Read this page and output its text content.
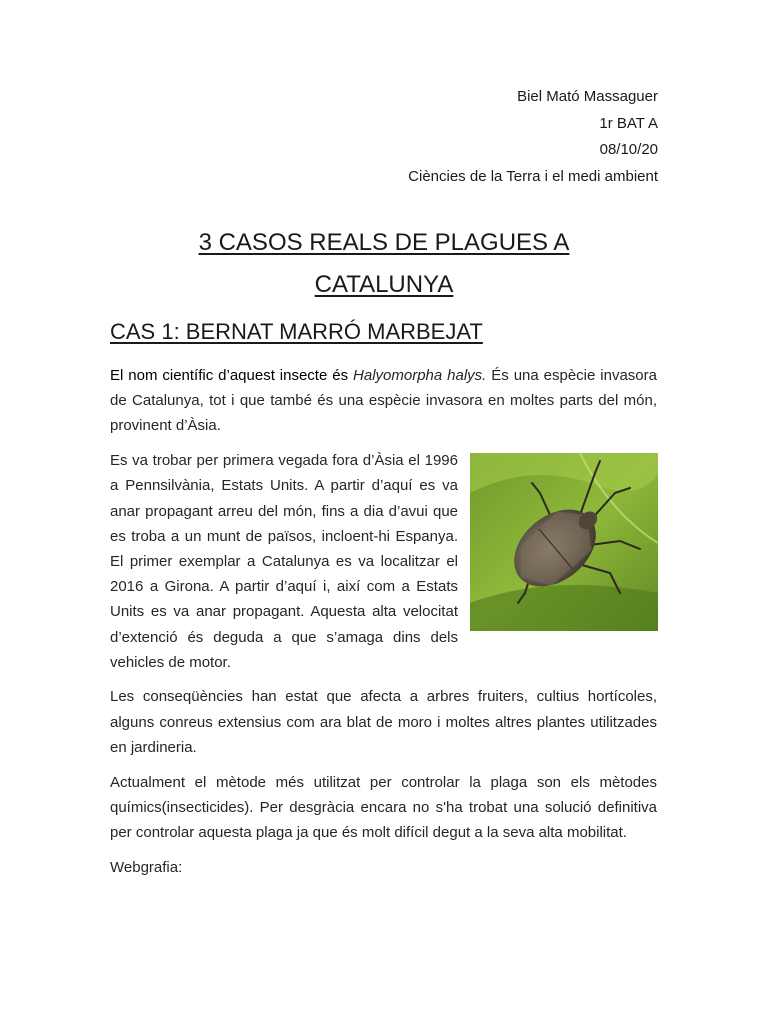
Biel Mató Massaguer
1r BAT A
08/10/20
Ciències de la Terra i el medi ambient
3 CASOS REALS DE PLAGUES A
CATALUNYA
CAS 1: BERNAT MARRÓ MARBEJAT

El nom científic d’aquest insecte és Halyomorpha halys. És una espècie invasora de Catalunya, tot i que també és una espècie invasora en moltes parts del món, provinent d’Àsia.

Es va trobar per primera vegada fora d’Àsia el 1996 a Pennsilvània, Estats Units. A partir d’aquí es va anar propagant arreu del món, fins a dia d’avui que es troba a un munt de països, incloent-hi Espanya. El primer exemplar a Catalunya es va localitzar el 2016 a Girona. A partir d’aquí i, així com a Estats Units es va anar propagant. Aquesta alta velocitat d’extenció és deguda a que s’amaga dins dels vehicles de motor.

Les conseqüències han estat que afecta a arbres fruiters, cultius hortícoles, alguns conreus extensius com ara blat de moro i moltes altres plantes utilitzades en jardineria.

Actualment el mètode més utilitzat per controlar la plaga son els mètodes químics(insecticides). Per desgràcia encara no s'ha trobat una solució definitiva per controlar aquesta plaga ja que és molt difícil degut a la seva alta mobilitat.

Webgrafia:
